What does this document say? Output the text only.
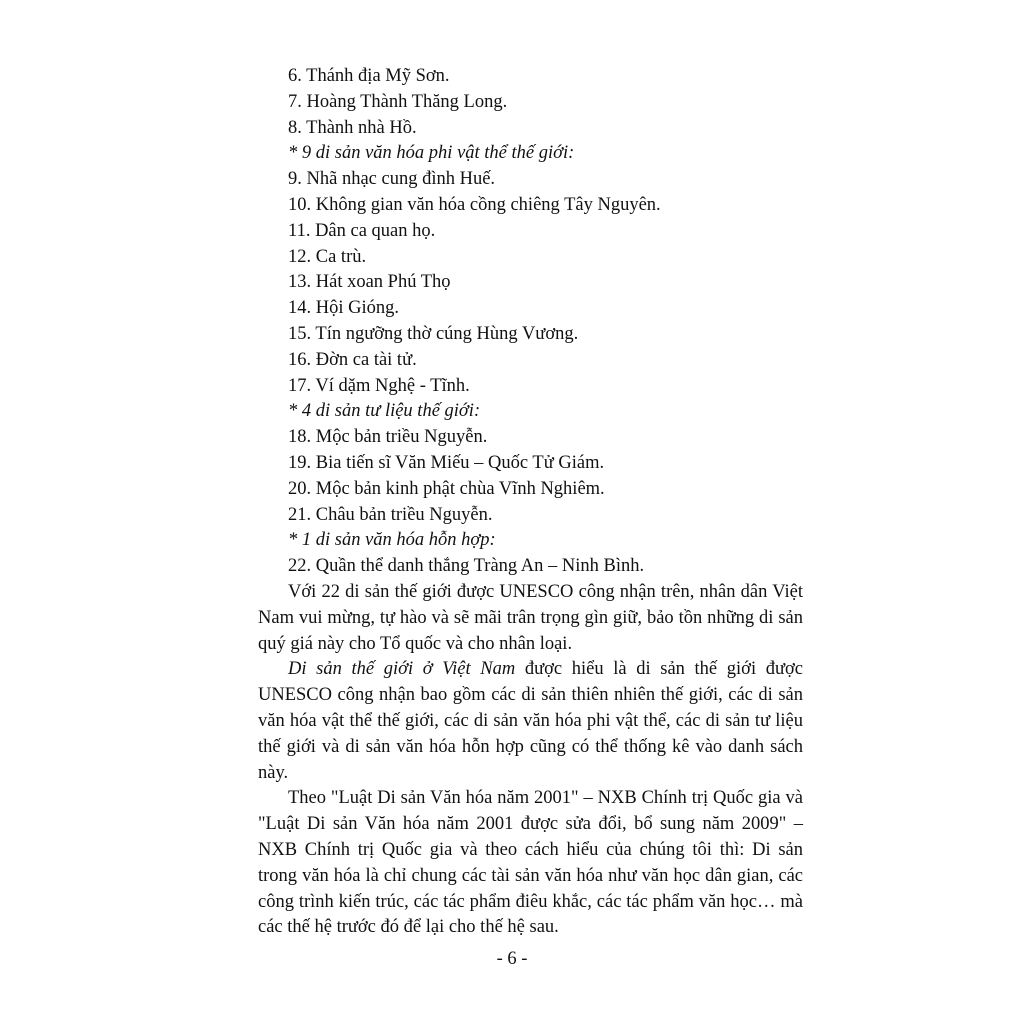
6. Thánh địa Mỹ Sơn.
7. Hoàng Thành Thăng Long.
8. Thành nhà Hồ.
* 9 di sản văn hóa phi vật thể thế giới:
9. Nhã nhạc cung đình Huế.
10. Không gian văn hóa cồng chiêng Tây Nguyên.
11. Dân ca quan họ.
12. Ca trù.
13. Hát xoan Phú Thọ
14. Hội Gióng.
15. Tín ngưỡng thờ cúng Hùng Vương.
16. Đờn ca tài tử.
17. Ví dặm Nghệ - Tĩnh.
* 4 di sản tư liệu thế giới:
18. Mộc bản triều Nguyễn.
19. Bia tiến sĩ Văn Miếu – Quốc Tử Giám.
20. Mộc bản kinh phật chùa Vĩnh Nghiêm.
21. Châu bản triều Nguyễn.
* 1 di sản văn hóa hỗn hợp:
22. Quần thể danh thắng Tràng An – Ninh Bình.

Với 22 di sản thế giới được UNESCO công nhận trên, nhân dân Việt Nam vui mừng, tự hào và sẽ mãi trân trọng gìn giữ, bảo tồn những di sản quý giá này cho Tổ quốc và cho nhân loại.

Di sản thế giới ở Việt Nam được hiểu là di sản thế giới được UNESCO công nhận bao gồm các di sản thiên nhiên thế giới, các di sản văn hóa vật thể thế giới, các di sản văn hóa phi vật thể, các di sản tư liệu thế giới và di sản văn hóa hỗn hợp cũng có thể thống kê vào danh sách này.

Theo "Luật Di sản Văn hóa năm 2001" – NXB Chính trị Quốc gia và "Luật Di sản Văn hóa năm 2001 được sửa đổi, bổ sung năm 2009" – NXB Chính trị Quốc gia và theo cách hiểu của chúng tôi thì: Di sản trong văn hóa là chỉ chung các tài sản văn hóa như văn học dân gian, các công trình kiến trúc, các tác phẩm điêu khắc, các tác phẩm văn học… mà các thế hệ trước đó để lại cho thế hệ sau.

- 6 -
